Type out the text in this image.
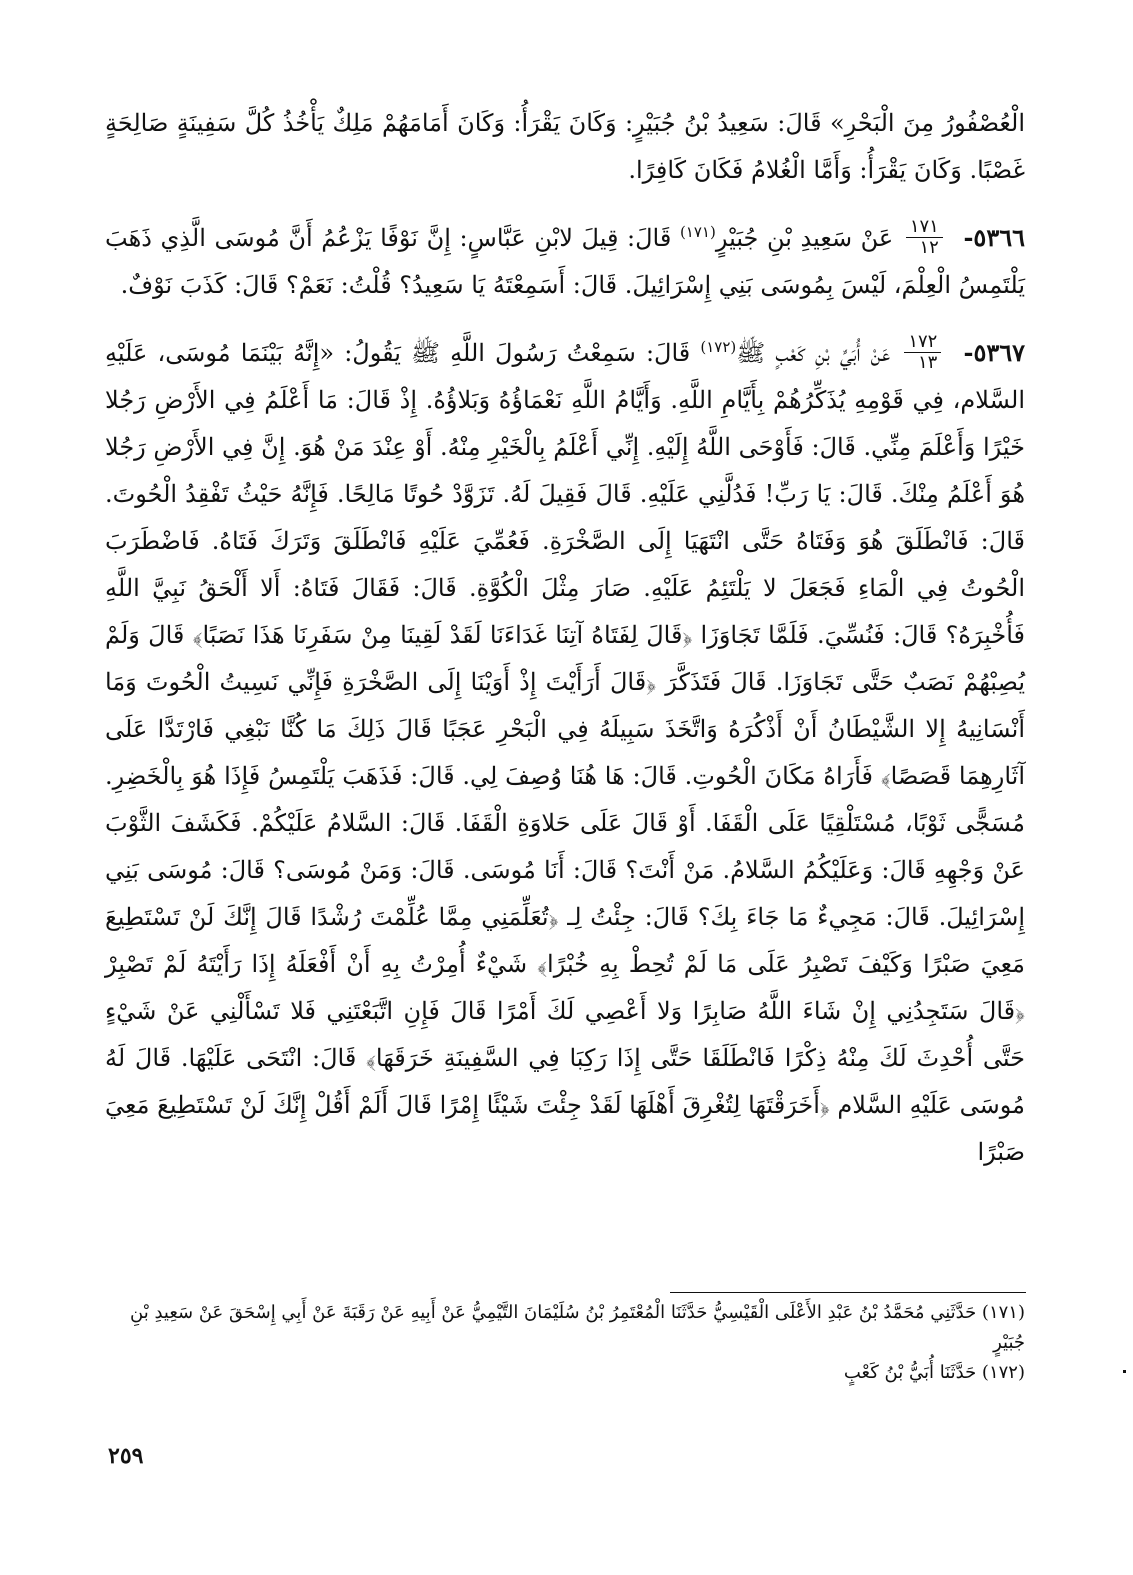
الْعُصْفُورُ مِنَ الْبَحْرِ» قَالَ: سَعِيدُ بْنُ جُبَيْرٍ: وَكَانَ يَقْرَأُ: وَكَانَ أَمَامَهُمْ مَلِكٌ يَأْخُذُ كُلَّ سَفِينَةٍ صَالِحَةٍ غَصْبًا. وَكَانَ يَقْرَأُ: وَأَمَّا الْغُلامُ فَكَانَ كَافِرًا.

٥٣٦٦-
$\frac{١٧١}{١٢}$
عَنْ سَعِيدِ بْنِ جُبَيْرٍ$^{(١٧١)}$ قَالَ: قِيلَ لابْنِ عَبَّاسٍ: إِنَّ نَوْفًا يَزْعُمُ أَنَّ مُوسَى الَّذِي ذَهَبَ يَلْتَمِسُ الْعِلْمَ، لَيْسَ بِمُوسَى بَنِي إِسْرَائِيلَ. قَالَ: أَسَمِعْتَهُ يَا سَعِيدُ؟ قُلْتُ: نَعَمْ؟ قَالَ: كَذَبَ نَوْفٌ.

٥٣٦٧-
$\frac{١٧٢}{١٣}$
عَنْ أُبَيِّ بْنِ كَعْبٍ ﷺ$^{(١٧٢)}$ قَالَ: سَمِعْتُ رَسُولَ اللَّهِ ﷺ يَقُولُ: «إِنَّهُ بَيْنَمَا مُوسَى، عَلَيْهِ السَّلام، فِي قَوْمِهِ يُذَكِّرُهُمْ بِأَيَّامِ اللَّهِ. وَأَيَّامُ اللَّهِ نَعْمَاؤُهُ وَبَلاؤُهُ. إِذْ قَالَ: مَا أَعْلَمُ فِي الأَرْضِ رَجُلا خَيْرًا وَأَعْلَمَ مِنِّي. قَالَ: فَأَوْحَى اللَّهُ إِلَيْهِ. إِنِّي أَعْلَمُ بِالْخَيْرِ مِنْهُ. أَوْ عِنْدَ مَنْ هُوَ. إِنَّ فِي الأَرْضِ رَجُلا هُوَ أَعْلَمُ مِنْكَ. قَالَ: يَا رَبِّ! فَدُلَّنِي عَلَيْهِ. قَالَ فَقِيلَ لَهُ. تَزَوَّدْ حُوتًا مَالِحًا. فَإِنَّهُ حَيْثُ تَفْقِدُ الْحُوتَ. قَالَ: فَانْطَلَقَ هُوَ وَفَتَاهُ حَتَّى انْتَهَيَا إِلَى الصَّخْرَةِ. فَعُمِّيَ عَلَيْهِ فَانْطَلَقَ وَتَرَكَ فَتَاهُ. فَاضْطَرَبَ الْحُوتُ فِي الْمَاءِ فَجَعَلَ لا يَلْتَئِمُ عَلَيْهِ. صَارَ مِثْلَ الْكُوَّةِ. قَالَ: فَقَالَ فَتَاهُ: أَلا أَلْحَقُ نَبِيَّ اللَّهِ فَأُخْبِرَهُ؟ قَالَ: فَنُسِّيَ. فَلَمَّا تَجَاوَزَا ﴿قَالَ لِفَتَاهُ آتِنَا غَدَاءَنَا لَقَدْ لَقِينَا مِنْ سَفَرِنَا هَذَا نَصَبًا﴾ قَالَ وَلَمْ يُصِبْهُمْ نَصَبٌ حَتَّى تَجَاوَزَا. قَالَ فَتَذَكَّرَ ﴿قَالَ أَرَأَيْتَ إِذْ أَوَيْنَا إِلَى الصَّخْرَةِ فَإِنِّي نَسِيتُ الْحُوتَ وَمَا أَنْسَانِيهُ إِلا الشَّيْطَانُ أَنْ أَذْكُرَهُ وَاتَّخَذَ سَبِيلَهُ فِي الْبَحْرِ عَجَبًا قَالَ ذَلِكَ مَا كُنَّا نَبْغِي فَارْتَدَّا عَلَى آثَارِهِمَا قَصَصًا﴾ فَأَرَاهُ مَكَانَ الْحُوتِ. قَالَ: هَا هُنَا وُصِفَ لِي. قَالَ: فَذَهَبَ يَلْتَمِسُ فَإِذَا هُوَ بِالْخَضِرِ. مُسَجًّى ثَوْبًا، مُسْتَلْقِيًا عَلَى الْقَفَا. أَوْ قَالَ عَلَى حَلاوَةِ الْقَفَا. قَالَ: السَّلامُ عَلَيْكُمْ. فَكَشَفَ الثَّوْبَ عَنْ وَجْهِهِ قَالَ: وَعَلَيْكُمُ السَّلامُ. مَنْ أَنْتَ؟ قَالَ: أَنَا مُوسَى. قَالَ: وَمَنْ مُوسَى؟ قَالَ: مُوسَى بَنِي إِسْرَائِيلَ. قَالَ: مَجِيءٌ مَا جَاءَ بِكَ؟ قَالَ: جِئْتُ لِـ ﴿تُعَلِّمَنِي مِمَّا عُلِّمْتَ رُشْدًا قَالَ إِنَّكَ لَنْ تَسْتَطِيعَ مَعِيَ صَبْرًا وَكَيْفَ تَصْبِرُ عَلَى مَا لَمْ تُحِطْ بِهِ خُبْرًا﴾ شَيْءٌ أُمِرْتُ بِهِ أَنْ أَفْعَلَهُ إِذَا رَأَيْتَهُ لَمْ تَصْبِرْ ﴿قَالَ سَتَجِدُنِي إِنْ شَاءَ اللَّهُ صَابِرًا وَلا أَعْصِي لَكَ أَمْرًا قَالَ فَإِنِ اتَّبَعْتَنِي فَلا تَسْأَلْنِي عَنْ شَيْءٍ حَتَّى أُحْدِثَ لَكَ مِنْهُ ذِكْرًا فَانْطَلَقَا حَتَّى إِذَا رَكِبَا فِي السَّفِينَةِ خَرَقَهَا﴾ قَالَ: انْتَحَى عَلَيْهَا. قَالَ لَهُ مُوسَى عَلَيْهِ السَّلام ﴿أَخَرَقْتَهَا لِتُغْرِقَ أَهْلَهَا لَقَدْ جِئْتَ شَيْئًا إِمْرًا قَالَ أَلَمْ أَقُلْ إِنَّكَ لَنْ تَسْتَطِيعَ مَعِيَ صَبْرًا

(١٧١) حَدَّثَنِي مُحَمَّدُ بْنُ عَبْدِ الأَعْلَى الْقَيْسِيُّ حَدَّثَنَا الْمُعْتَمِرُ بْنُ سُلَيْمَانَ التَّيْمِيُّ عَنْ أَبِيهِ عَنْ رَقَبَةَ عَنْ أَبِي إِسْحَقَ عَنْ سَعِيدِ بْنِ جُبَيْرٍ

(١٧٢) حَدَّثَنَا أُبَيُّ بْنُ كَعْبٍ

٢٥٩
